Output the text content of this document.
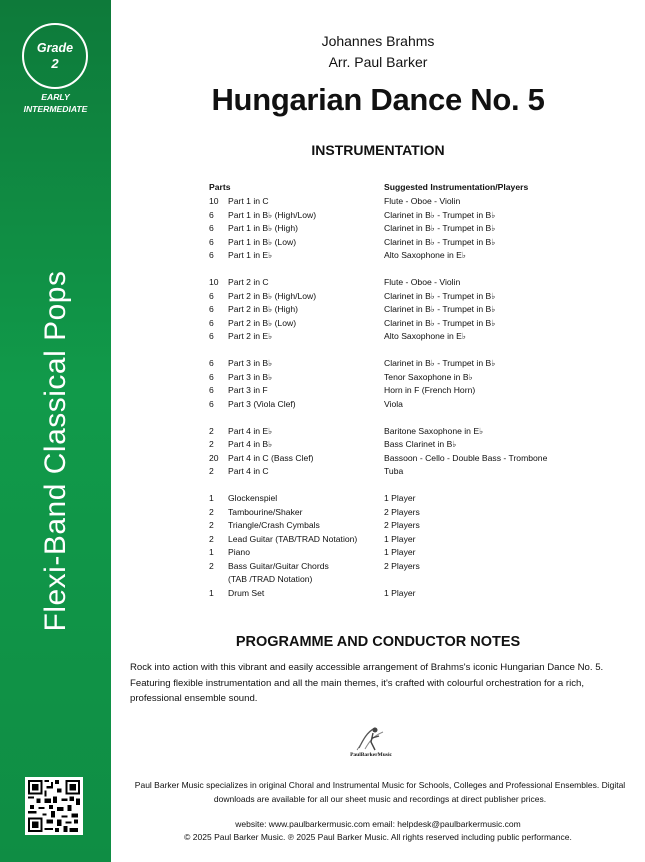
Grade
2
EARLY
INTERMEDIATE
Flexi-Band Classical Pops
Johannes Brahms
Arr. Paul Barker
Hungarian Dance No. 5
INSTRUMENTATION
Parts	Suggested Instrumentation/Players
10 Part 1 in C	Flute - Oboe - Violin
6 Part 1 in B♭ (High/Low)	Clarinet in B♭ - Trumpet in B♭
6 Part 1 in B♭ (High)	Clarinet in B♭ - Trumpet in B♭
6 Part 1 in B♭ (Low)	Clarinet in B♭ - Trumpet in B♭
6 Part 1 in E♭	Alto Saxophone in E♭
10 Part 2 in C	Flute - Oboe - Violin
6 Part 2 in B♭ (High/Low)	Clarinet in B♭ - Trumpet in B♭
6 Part 2 in B♭ (High)	Clarinet in B♭ - Trumpet in B♭
6 Part 2 in B♭ (Low)	Clarinet in B♭ - Trumpet in B♭
6 Part 2 in E♭	Alto Saxophone in E♭
6 Part 3 in B♭	Clarinet in B♭ - Trumpet in B♭
6 Part 3 in B♭	Tenor Saxophone in B♭
6 Part 3 in F	Horn in F (French Horn)
6 Part 3 (Viola Clef)	Viola
2 Part 4 in E♭	Baritone Saxophone in E♭
2 Part 4 in B♭	Bass Clarinet in B♭
20 Part 4 in C (Bass Clef)	Bassoon - Cello - Double Bass - Trombone
2 Part 4 in C	Tuba
1 Glockenspiel	1 Player
2 Tambourine/Shaker	2 Players
2 Triangle/Crash Cymbals	2 Players
2 Lead Guitar (TAB/TRAD Notation)	1 Player
1 Piano	1 Player
2 Bass Guitar/Guitar Chords	2 Players
(TAB /TRAD Notation)
1 Drum Set	1 Player
PROGRAMME AND CONDUCTOR NOTES
Rock into action with this vibrant and easily accessible arrangement of Brahms's iconic Hungarian Dance No. 5. Featuring flexible instrumentation and all the main themes, it's crafted with colourful orchestration for a rich, professional ensemble sound.
PaulBarkerMusic
Paul Barker Music specializes in original Choral and Instrumental Music for Schools, Colleges and Professional Ensembles. Digital downloads are available for all our sheet music and recordings at direct publisher prices.
website: www.paulbarkermusic.com email: helpdesk@paulbarkermusic.com
© 2025 Paul Barker Music. ℗ 2025 Paul Barker Music. All rights reserved including public performance.
